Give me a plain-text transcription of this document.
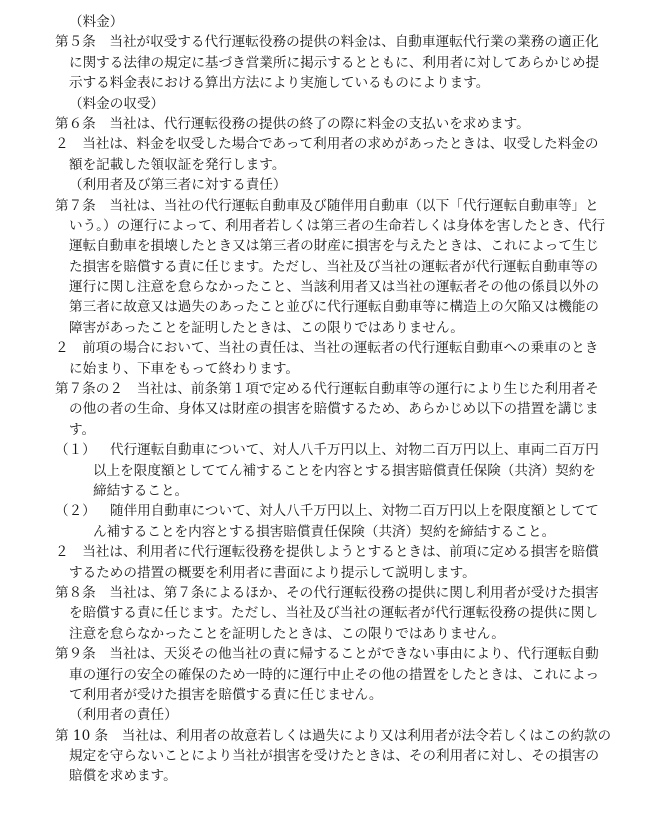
（料金）
第５条 当社が収受する代行運転役務の提供の料金は、自動車運転代行業の業務の適正化
に関する法律の規定に基づき営業所に掲示するとともに、利用者に対してあらかじめ提
示する料金表における算出方法により実施しているものによります。
（料金の収受）
第６条 当社は、代行運転役務の提供の終了の際に料金の支払いを求めます。
２ 当社は、料金を収受した場合であって利用者の求めがあったときは、収受した料金の
額を記載した領収証を発行します。
（利用者及び第三者に対する責任）
第７条 当社は、当社の代行運転自動車及び随伴用自動車（以下「代行運転自動車等」と
いう。）の運行によって、利用者若しくは第三者の生命若しくは身体を害したとき、代行
運転自動車を損壊したとき又は第三者の財産に損害を与えたときは、これによって生じ
た損害を賠償する責に任じます。ただし、当社及び当社の運転者が代行運転自動車等の
運行に関し注意を怠らなかったこと、当該利用者又は当社の運転者その他の係員以外の
第三者に故意又は過失のあったこと並びに代行運転自動車等に構造上の欠陥又は機能の
障害があったことを証明したときは、この限りではありません。
２ 前項の場合において、当社の責任は、当社の運転者の代行運転自動車への乗車のとき
に始まり、下車をもって終わります。
第７条の２ 当社は、前条第１項で定める代行運転自動車等の運行により生じた利用者そ
の他の者の生命、身体又は財産の損害を賠償するため、あらかじめ以下の措置を講じま
す。
（１） 代行運転自動車について、対人八千万円以上、対物二百万円以上、車両二百万円
以上を限度額としててん補することを内容とする損害賠償責任保険（共済）契約を
締結すること。
（２） 随伴用自動車について、対人八千万円以上、対物二百万円以上を限度額としてて
ん補することを内容とする損害賠償責任保険（共済）契約を締結すること。
２ 当社は、利用者に代行運転役務を提供しようとするときは、前項に定める損害を賠償
するための措置の概要を利用者に書面により提示して説明します。
第８条 当社は、第７条によるほか、その代行運転役務の提供に関し利用者が受けた損害
を賠償する責に任じます。ただし、当社及び当社の運転者が代行運転役務の提供に関し
注意を怠らなかったことを証明したときは、この限りではありません。
第９条 当社は、天災その他当社の責に帰することができない事由により、代行運転自動
車の運行の安全の確保のため一時的に運行中止その他の措置をしたときは、これによっ
て利用者が受けた損害を賠償する責に任じません。
（利用者の責任）
第 10 条 当社は、利用者の故意若しくは過失により又は利用者が法令若しくはこの約款の
規定を守らないことにより当社が損害を受けたときは、その利用者に対し、その損害の
賠償を求めます。
